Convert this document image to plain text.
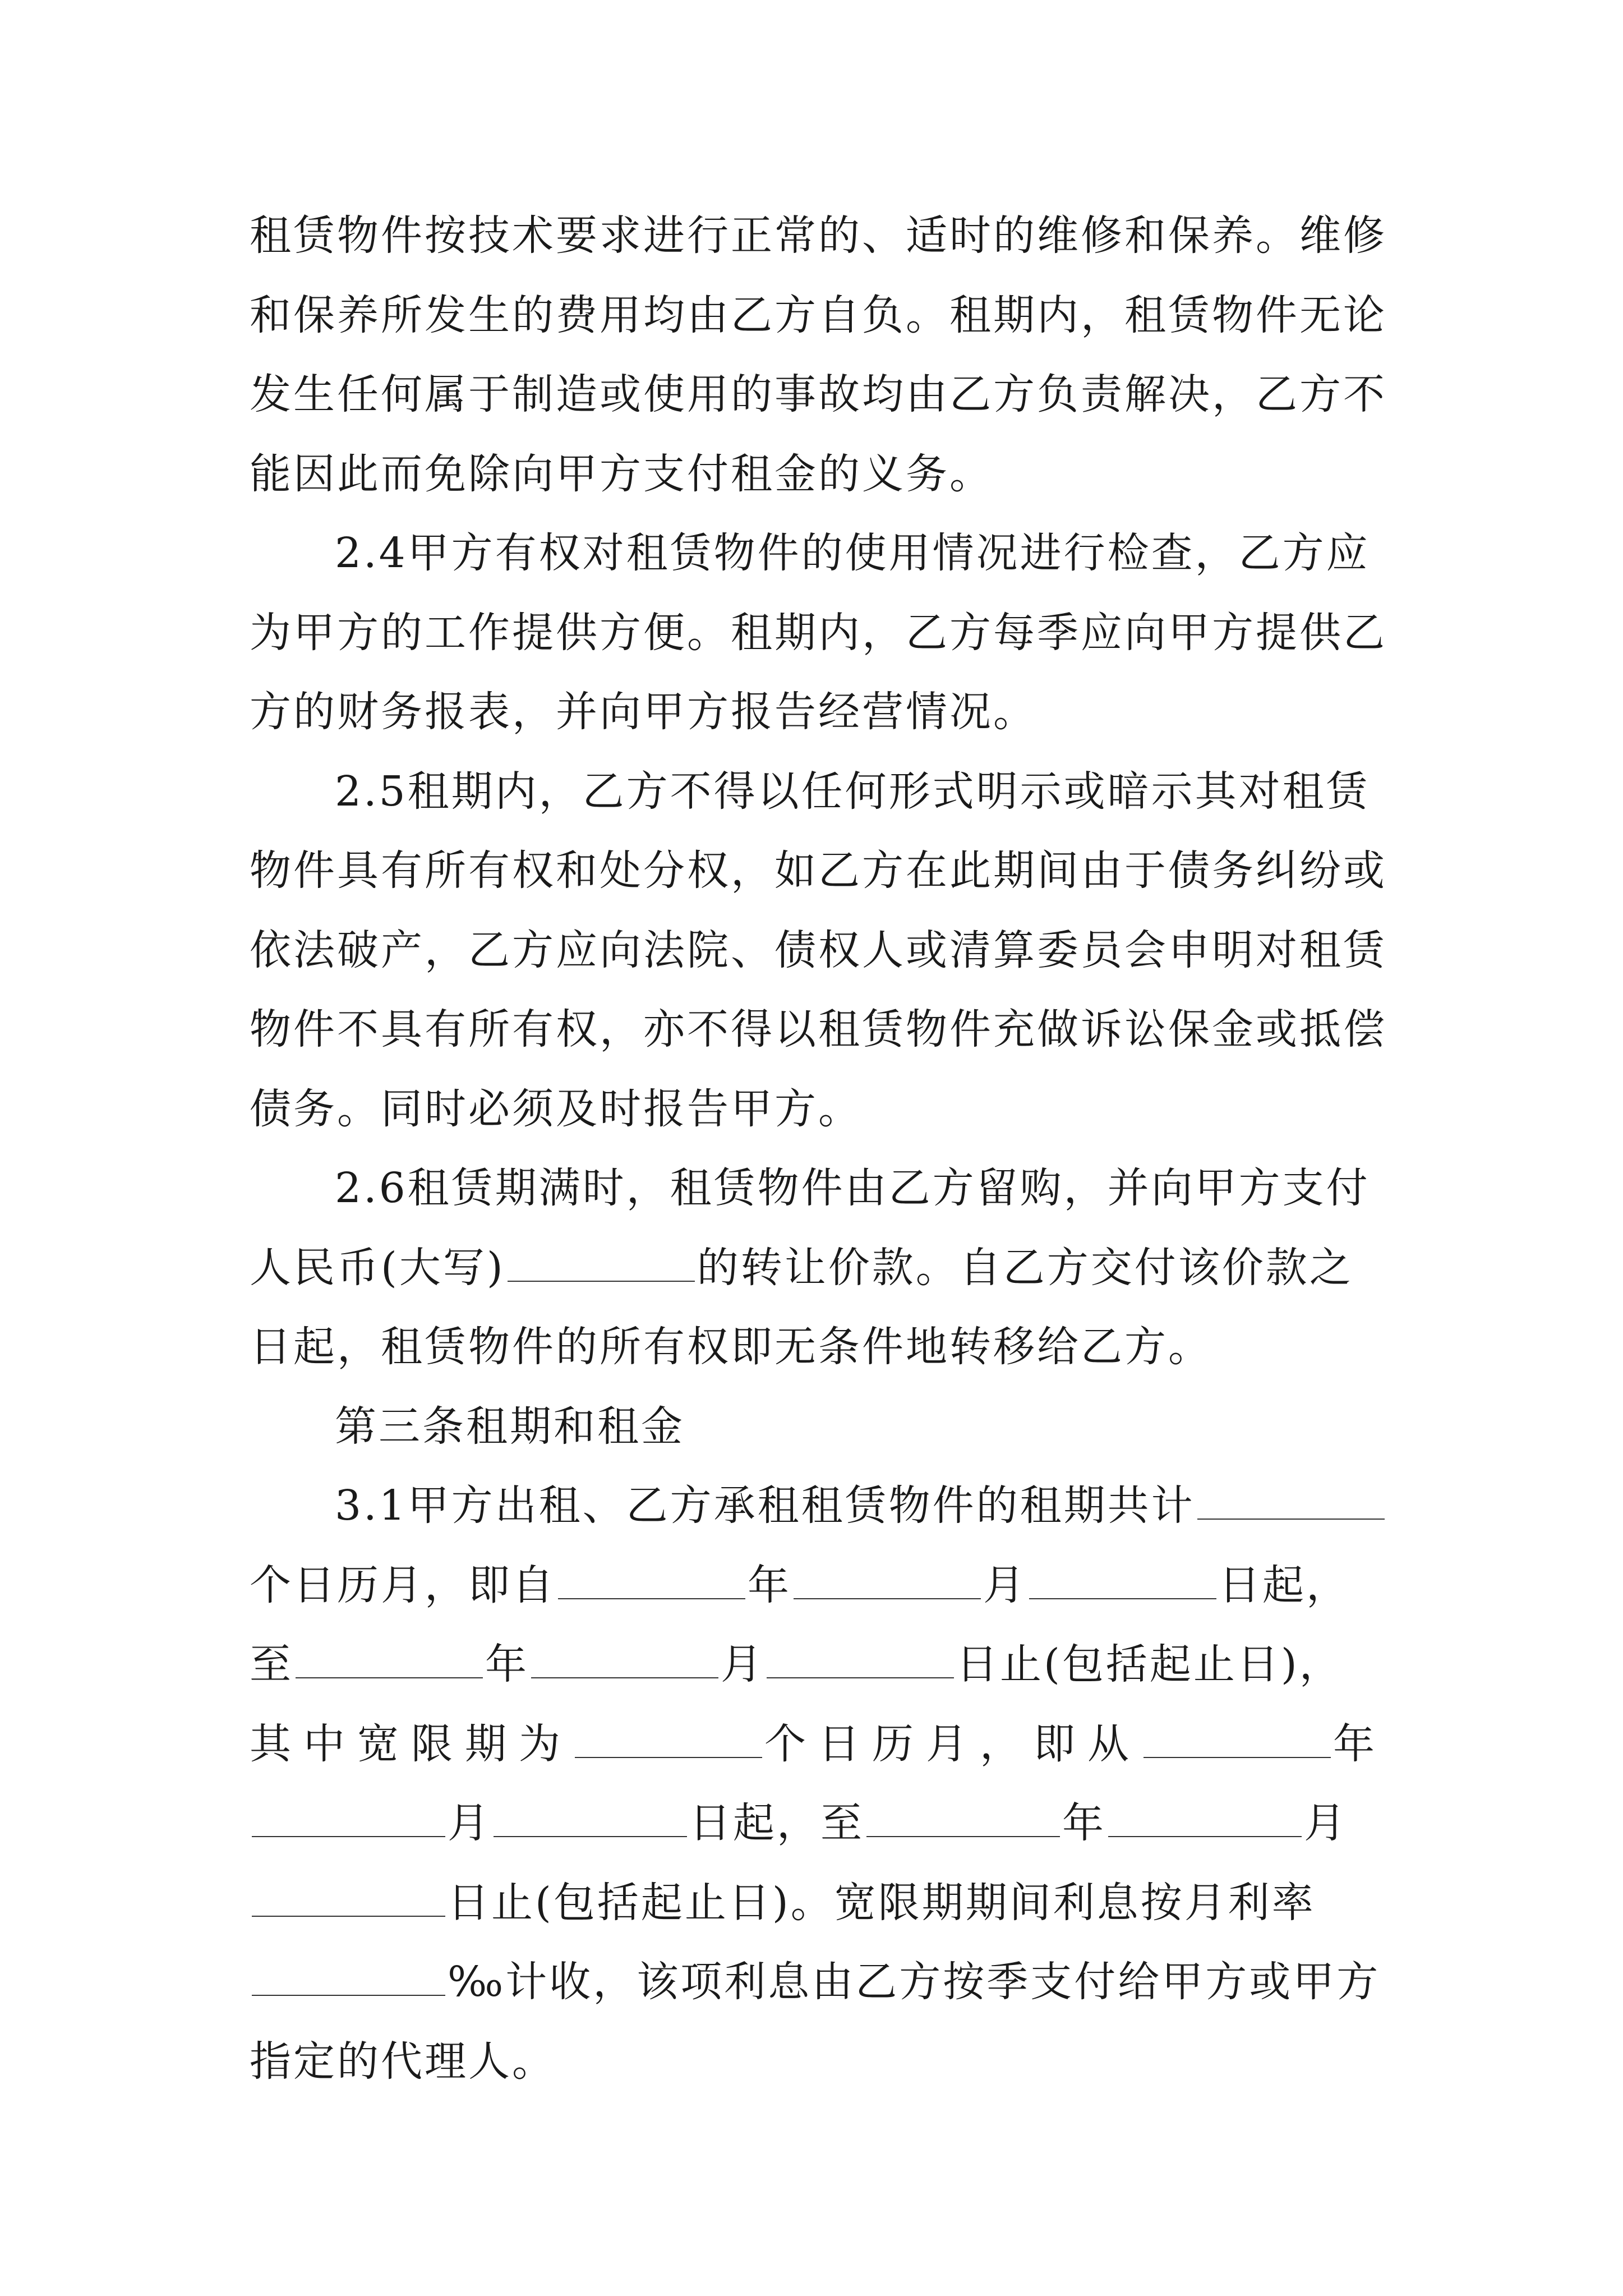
租赁物件按技术要求进行正常的、适时的维修和保养。维修
和保养所发生的费用均由乙方自负。租期内，租赁物件无论
发生任何属于制造或使用的事故均由乙方负责解决，乙方不
能因此而免除向甲方支付租金的义务。
2.4甲方有权对租赁物件的使用情况进行检查，乙方应
为甲方的工作提供方便。租期内，乙方每季应向甲方提供乙
方的财务报表，并向甲方报告经营情况。
2.5租期内，乙方不得以任何形式明示或暗示其对租赁
物件具有所有权和处分权，如乙方在此期间由于债务纠纷或
依法破产，乙方应向法院、债权人或清算委员会申明对租赁
物件不具有所有权，亦不得以租赁物件充做诉讼保金或抵偿
债务。同时必须及时报告甲方。
2.6租赁期满时，租赁物件由乙方留购，并向甲方支付
人民币(大写)	的转让价款。自乙方交付该价款之
日起，租赁物件的所有权即无条件地转移给乙方。
第三条租期和租金
3.1甲方出租、乙方承租租赁物件的租期共计
个日历月，即自	年	月	日起，
至	年	月	日止(包括起止日)，
其中宽限期为	个日历月，即从	年
月	日起，至	年	月
日止(包括起止日)。宽限期期间利息按月利率
‰计收，该项利息由乙方按季支付给甲方或甲方
指定的代理人。
